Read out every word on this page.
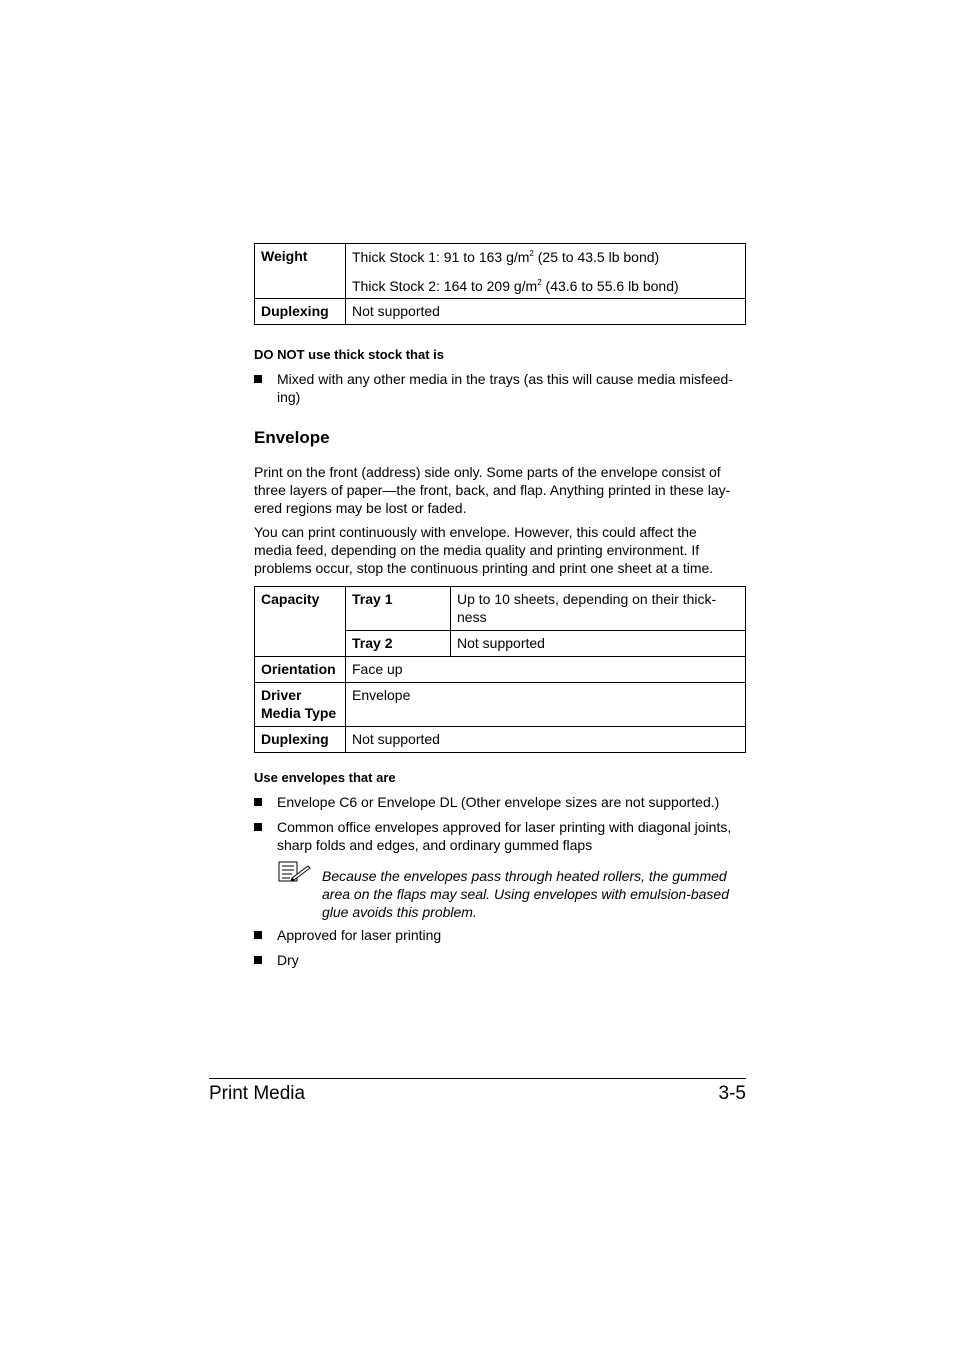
Weight	Thick Stock 1: 91 to 163 $g/m^2$ (25 to 43.5 lb bond)
Thick Stock 2: 164 to 209 $g/m^2$ (43.6 to 55.6 lb bond)

Duplexing	Not supported
DO NOT use thick stock that is
Mixed with any other media in the trays (as this will cause media misfeed-
ing)
Envelope
Print on the front (address) side only. Some parts of the envelope consist of
three layers of paper—the front, back, and flap. Anything printed in these lay-
ered regions may be lost or faded.
You can print continuously with envelope. However, this could affect the
media feed, depending on the media quality and printing environment. If
problems occur, stop the continuous printing and print one sheet at a time.
Capacity	Tray 1	Up to 10 sheets, depending on their thick-
ness

	Tray 2	Not supported
Orientation	Face up	

Driver
Media Type	Envelope	
Duplexing	Not supported	
Use envelopes that are
Envelope C6 or Envelope DL (Other envelope sizes are not supported.)
Common office envelopes approved for laser printing with diagonal joints,
sharp folds and edges, and ordinary gummed flaps
Because the envelopes pass through heated rollers, the gummed
area on the flaps may seal. Using envelopes with emulsion-based
glue avoids this problem.
Approved for laser printing
Dry
Print Media	3-5
